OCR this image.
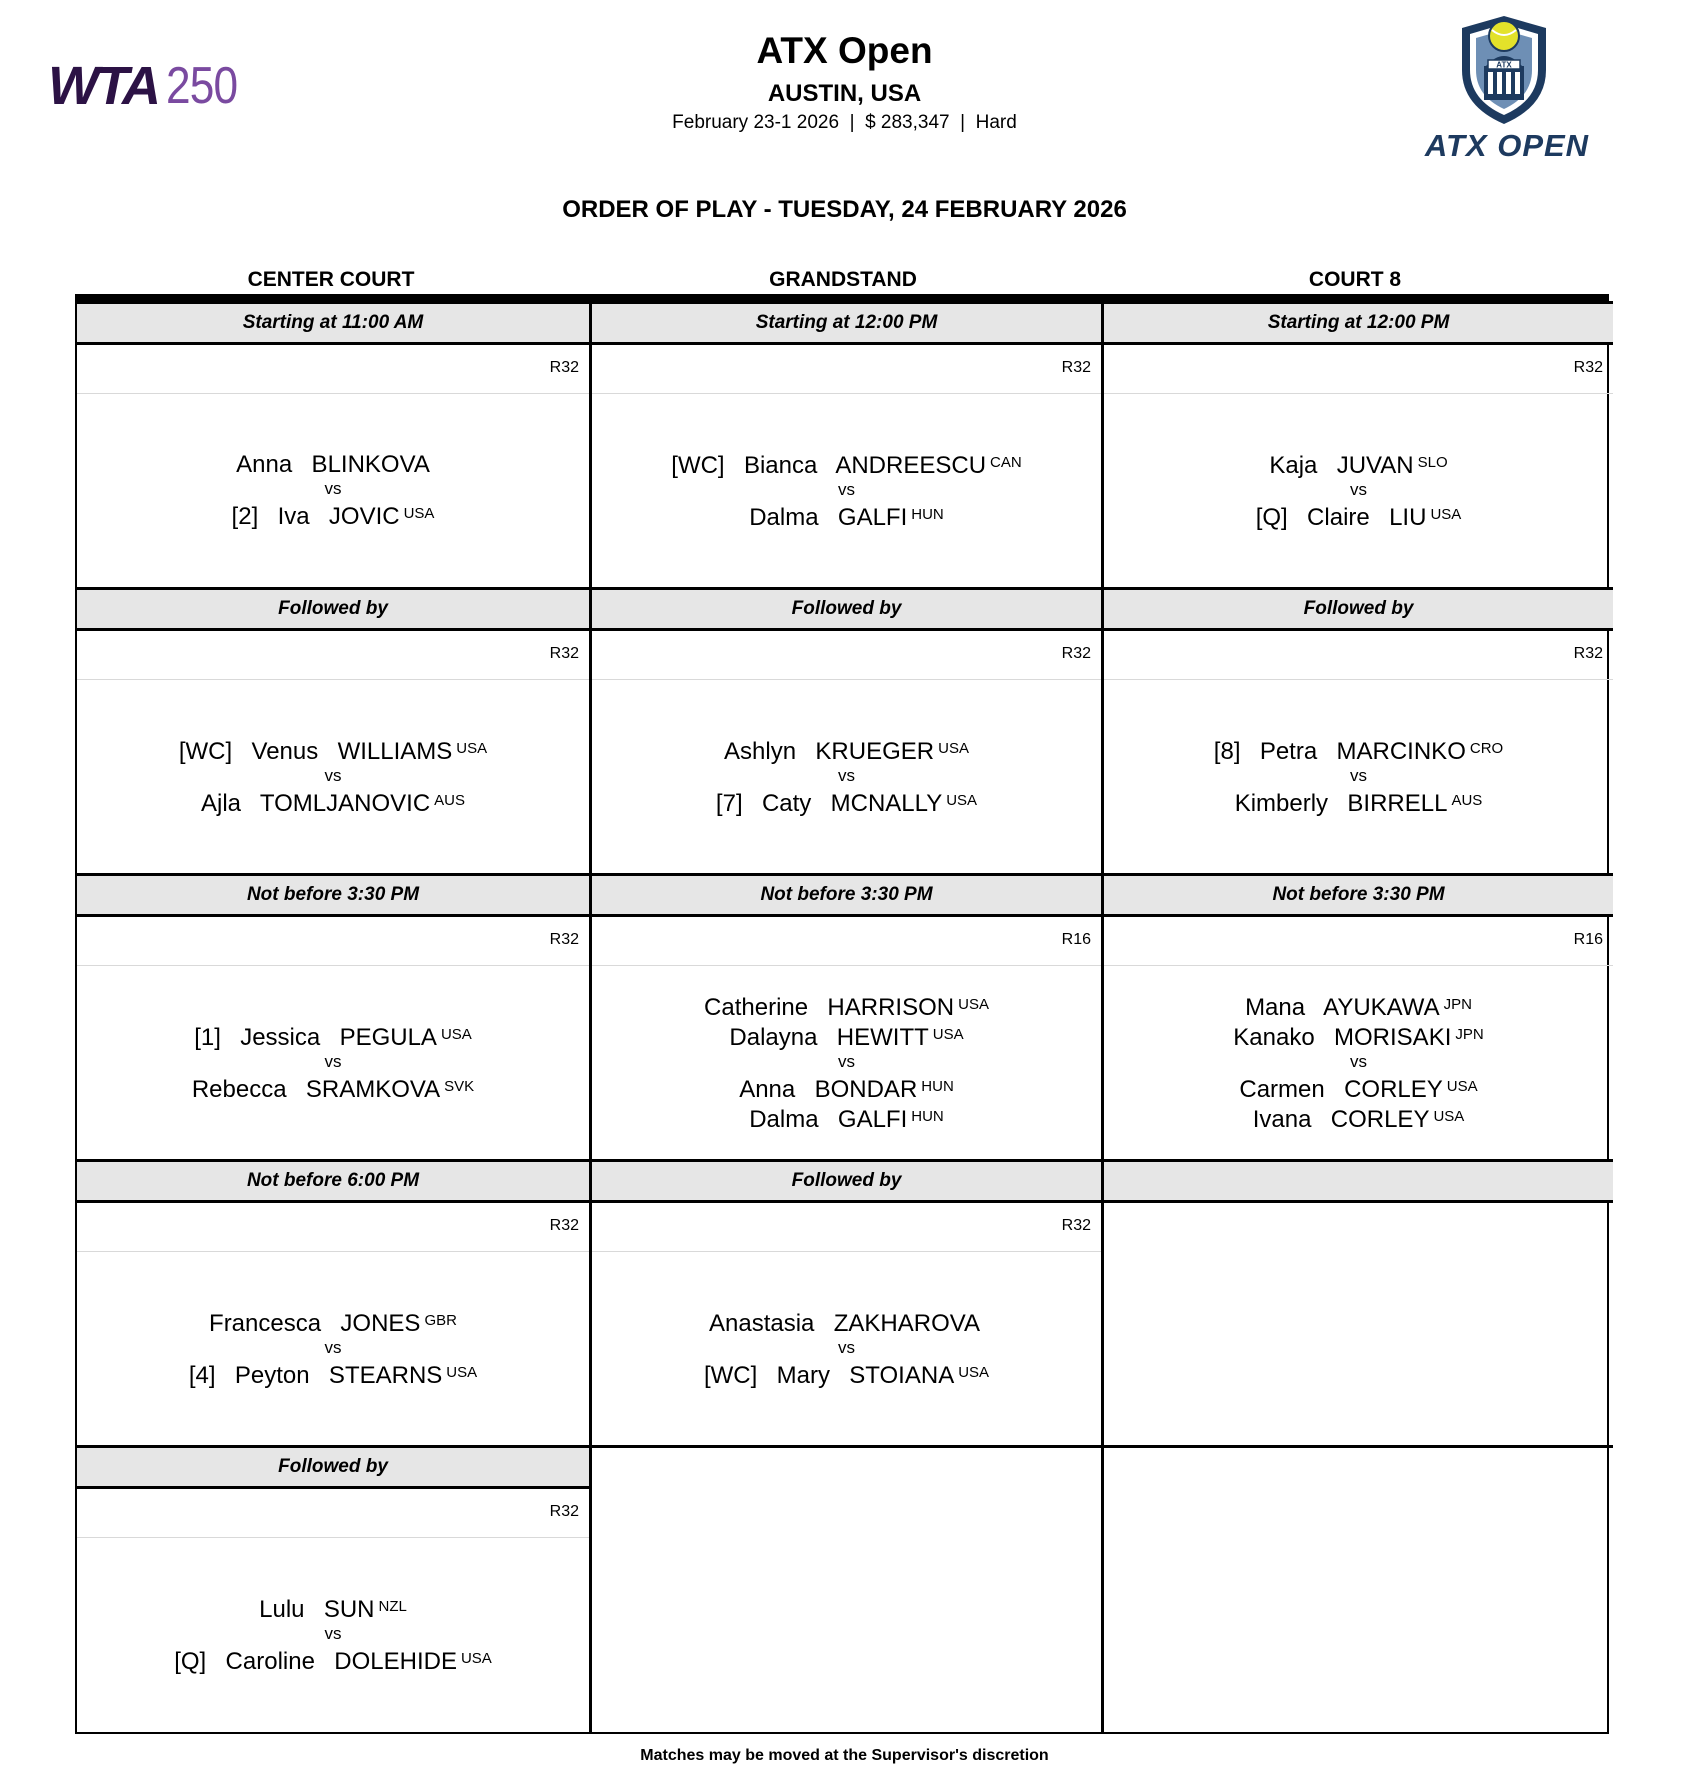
WTA 250
ATX Open
AUSTIN, USA
February 23-1 2026  |  $ 283,347  |  Hard
ATX
ATX OPEN
ORDER OF PLAY - TUESDAY, 24 FEBRUARY 2026
CENTER COURT	GRANDSTAND	COURT 8
Starting at 11:00 AM
R32
Anna  BLINKOVA
vs
[2]  Iva  JOVIC $^{USA}$
Followed by
R32
[WC]  Venus  WILLIAMS $^{USA}$
vs
Ajla  TOMLJANOVIC $^{AUS}$
Not before 3:30 PM
R32
[1]  Jessica  PEGULA $^{USA}$
vs
Rebecca  SRAMKOVA $^{SVK}$
Not before 6:00 PM
R32
Francesca  JONES $^{GBR}$
vs
[4]  Peyton  STEARNS $^{USA}$
Followed by
R32
Lulu  SUN $^{NZL}$
vs
[Q]  Caroline  DOLEHIDE $^{USA}$
Starting at 12:00 PM
R32
[WC]  Bianca  ANDREESCU $^{CAN}$
vs
Dalma  GALFI $^{HUN}$
Followed by
R32
Ashlyn  KRUEGER $^{USA}$
vs
[7]  Caty  MCNALLY $^{USA}$
Not before 3:30 PM
R16
Catherine  HARRISON $^{USA}$
Dalayna  HEWITT $^{USA}$
vs
Anna  BONDAR $^{HUN}$
Dalma  GALFI $^{HUN}$
Followed by
R32
Anastasia  ZAKHAROVA
vs
[WC]  Mary  STOIANA $^{USA}$
Starting at 12:00 PM
R32
Kaja  JUVAN $^{SLO}$
vs
[Q]  Claire  LIU $^{USA}$
Followed by
R32
[8]  Petra  MARCINKO $^{CRO}$
vs
Kimberly  BIRRELL $^{AUS}$
Not before 3:30 PM
R16
Mana  AYUKAWA $^{JPN}$
Kanako  MORISAKI $^{JPN}$
vs
Carmen  CORLEY $^{USA}$
Ivana  CORLEY $^{USA}$
Matches may be moved at the Supervisor's discretion
